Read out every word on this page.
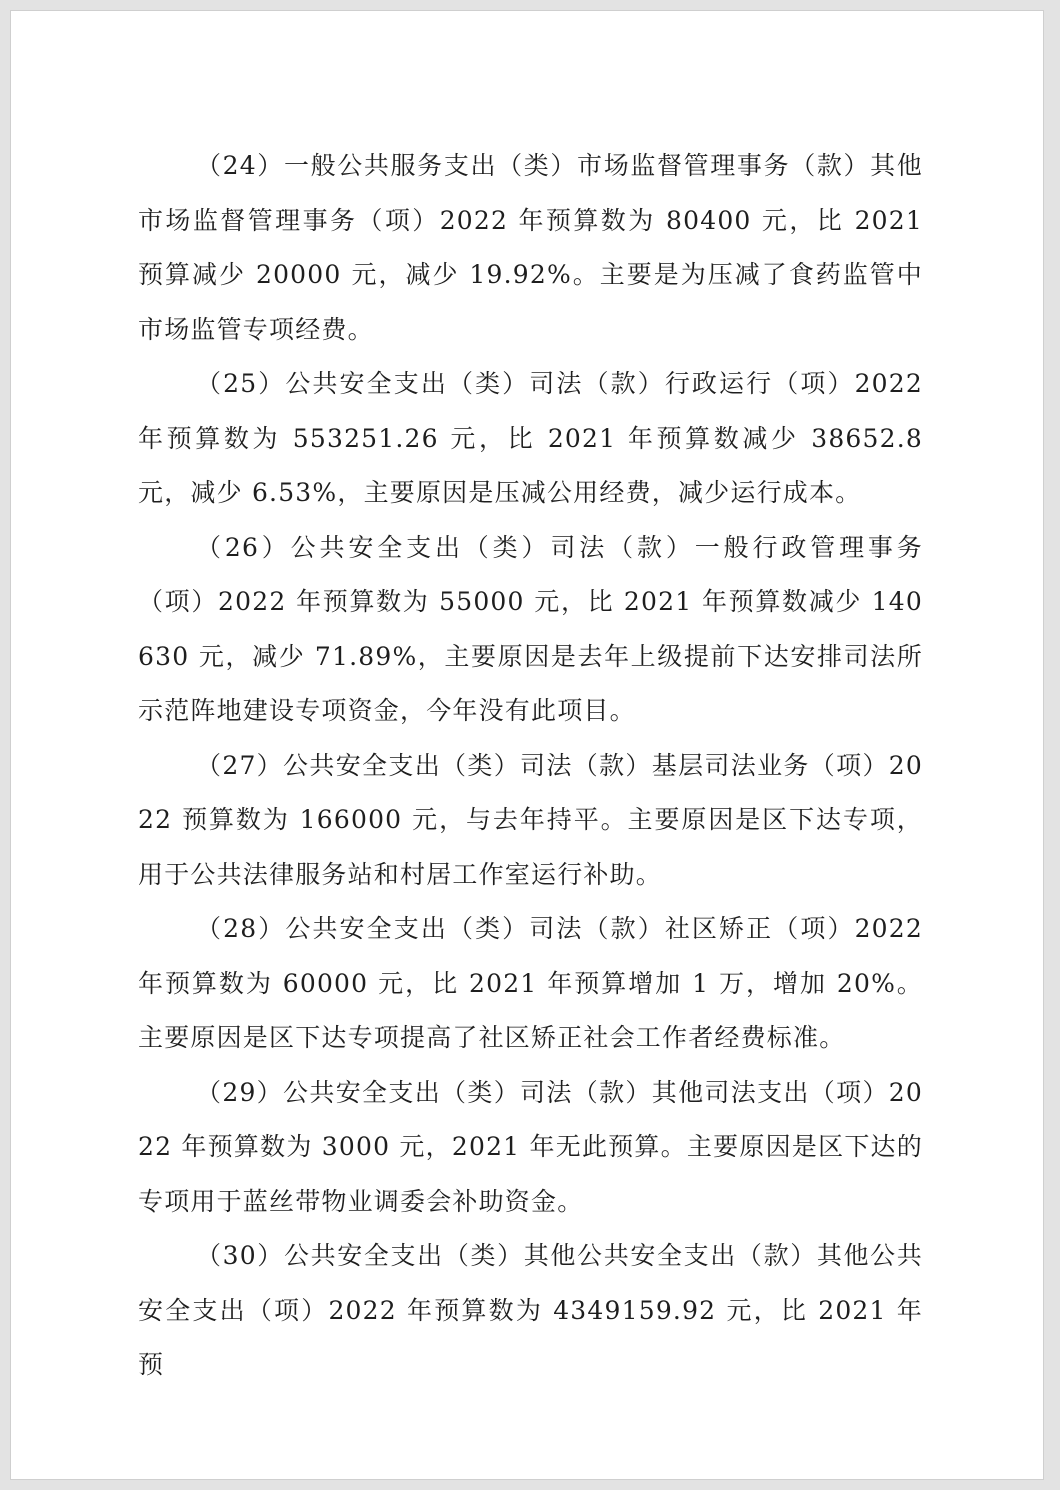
（24）一般公共服务支出（类）市场监督管理事务（款）其他市场监督管理事务（项）2022 年预算数为 80400 元，比 2021 预算减少 20000 元，减少 19.92%。主要是为压减了食药监管中市场监管专项经费。

（25）公共安全支出（类）司法（款）行政运行（项）2022 年预算数为 553251.26 元，比 2021 年预算数减少 38652.8 元，减少 6.53%，主要原因是压减公用经费，减少运行成本。

（26）公共安全支出（类）司法（款）一般行政管理事务（项）2022 年预算数为 55000 元，比 2021 年预算数减少 140630 元，减少 71.89%，主要原因是去年上级提前下达安排司法所示范阵地建设专项资金，今年没有此项目。

（27）公共安全支出（类）司法（款）基层司法业务（项）2022 预算数为 166000 元，与去年持平。主要原因是区下达专项，用于公共法律服务站和村居工作室运行补助。

（28）公共安全支出（类）司法（款）社区矫正（项）2022 年预算数为 60000 元，比 2021 年预算增加 1 万，增加 20%。主要原因是区下达专项提高了社区矫正社会工作者经费标准。

（29）公共安全支出（类）司法（款）其他司法支出（项）2022 年预算数为 3000 元，2021 年无此预算。主要原因是区下达的专项用于蓝丝带物业调委会补助资金。

（30）公共安全支出（类）其他公共安全支出（款）其他公共安全支出（项）2022 年预算数为 4349159.92 元，比 2021 年预
